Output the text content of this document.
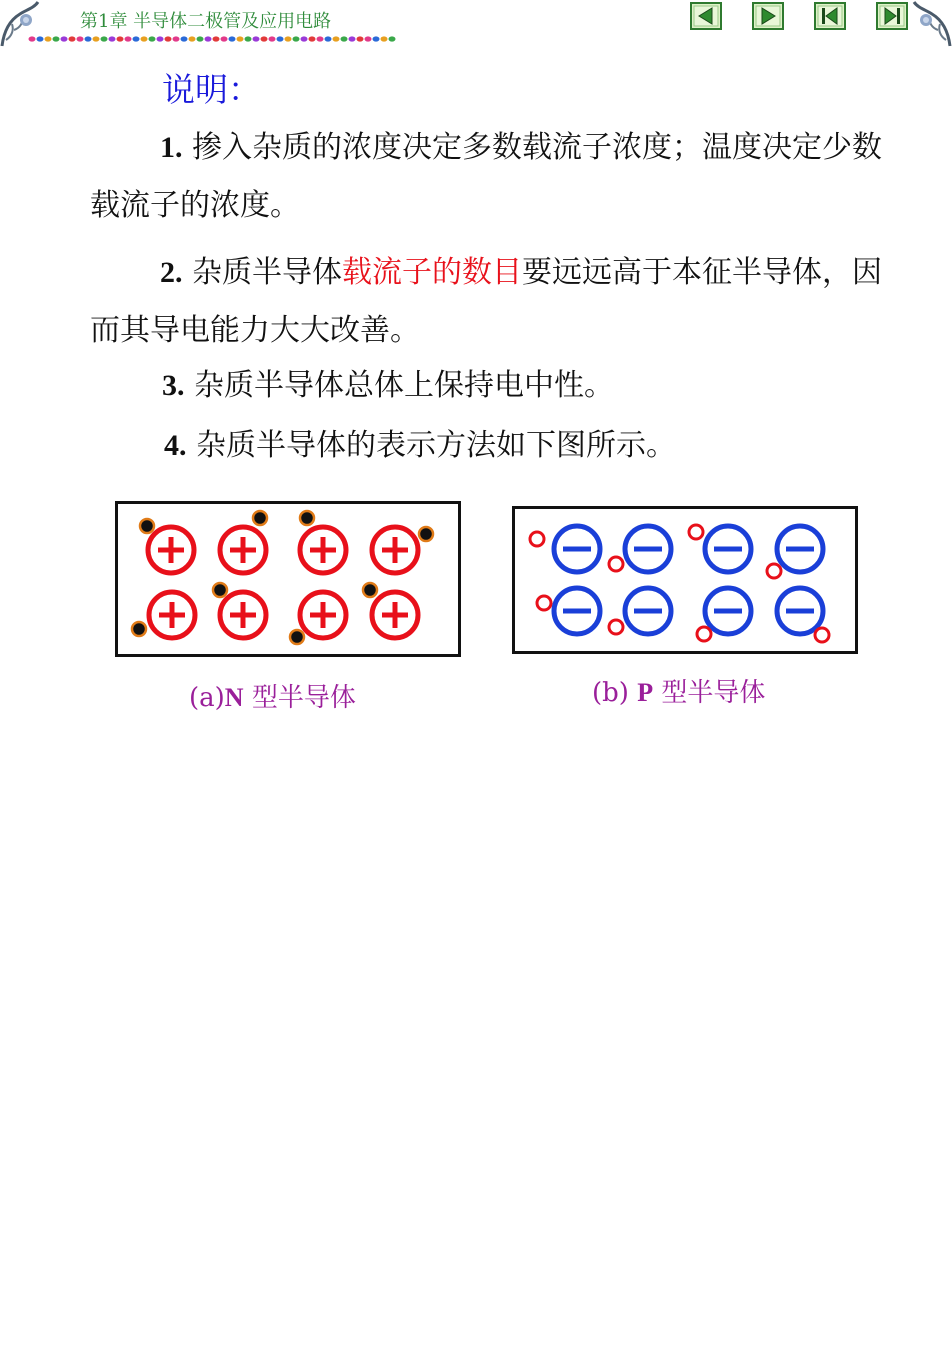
第1章 半导体二极管及应用电路
说明：
1. 掺入杂质的浓度决定多数载流子浓度；温度决定少数载流子的浓度。
2. 杂质半导体载流子的数目要远远高于本征半导体，因而其导电能力大大改善。
3. 杂质半导体总体上保持电中性。
4. 杂质半导体的表示方法如下图所示。
(a)N 型半导体	(b) P 型半导体
